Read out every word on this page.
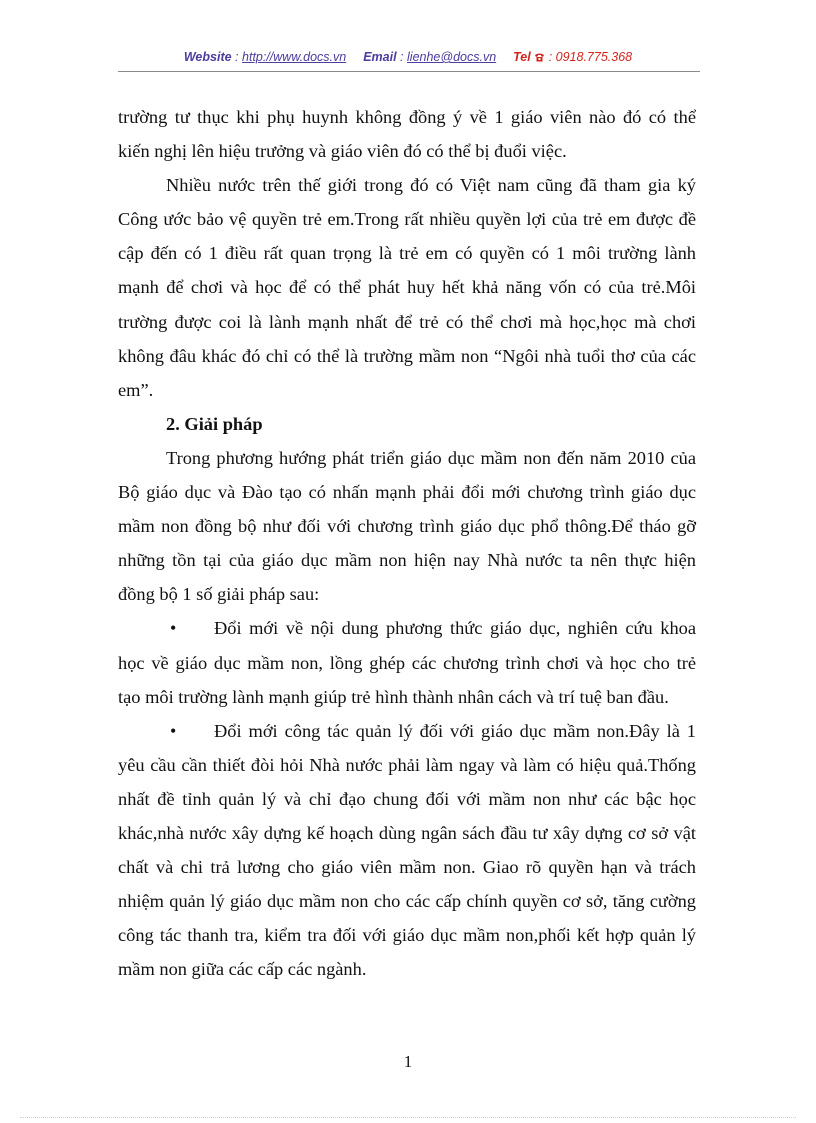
Website : http://www.docs.vn Email : lienhe@docs.vn Tel : 0918.775.368

trường tư thục khi phụ huynh không đồng ý về 1 giáo viên nào đó có thể

kiến nghị lên hiệu trưởng và giáo viên đó có thể bị đuổi việc.

Nhiều nước trên thế giới trong đó có Việt nam cũng đã tham gia ký

Công ước bảo vệ quyền trẻ em.Trong rất nhiều quyền lợi của trẻ em được đề

cập đến có 1 điều rất quan trọng là trẻ em có quyền có 1 môi trường lành

mạnh để chơi và học để có thể phát huy hết khả năng vốn có của trẻ.Môi

trường được coi là lành mạnh nhất để trẻ có thể chơi mà học,học mà chơi

không đâu khác đó chỉ có thể là trường mầm non “Ngôi nhà tuổi thơ của các

em”.

2. Giải pháp

Trong phương hướng phát triển giáo dục mầm non đến năm 2010 của

Bộ giáo dục và Đào tạo có nhấn mạnh phải đổi mới chương trình giáo dục

mầm non đồng bộ như đối với chương trình giáo dục phổ thông.Để tháo gỡ

những tồn tại của giáo dục mầm non hiện nay Nhà nước ta nên thực hiện

đồng bộ 1 số giải pháp sau:

•	Đổi mới về nội dung phương thức giáo dục, nghiên cứu khoa

học về giáo dục mầm non, lồng ghép các chương trình chơi và học cho trẻ

tạo môi trường lành mạnh giúp trẻ hình thành nhân cách và trí tuệ ban đầu.

•	Đổi mới công tác quản lý đối với giáo dục mầm non.Đây là 1

yêu cầu cần thiết đòi hỏi Nhà nước phải làm ngay và làm có hiệu quả.Thống

nhất đề tỉnh quản lý và chỉ đạo chung đối với mầm non như các bậc học

khác,nhà nước xây dựng kế hoạch dùng ngân sách đầu tư xây dựng cơ sở vật

chất và chi trả lương cho giáo viên mầm non. Giao rõ quyền hạn và trách

nhiệm quản lý giáo dục mầm non cho các cấp chính quyền cơ sở, tăng cường

công tác thanh tra, kiểm tra đối với giáo dục mầm non,phối kết hợp quản lý

mầm non giữa các cấp các ngành.

1
